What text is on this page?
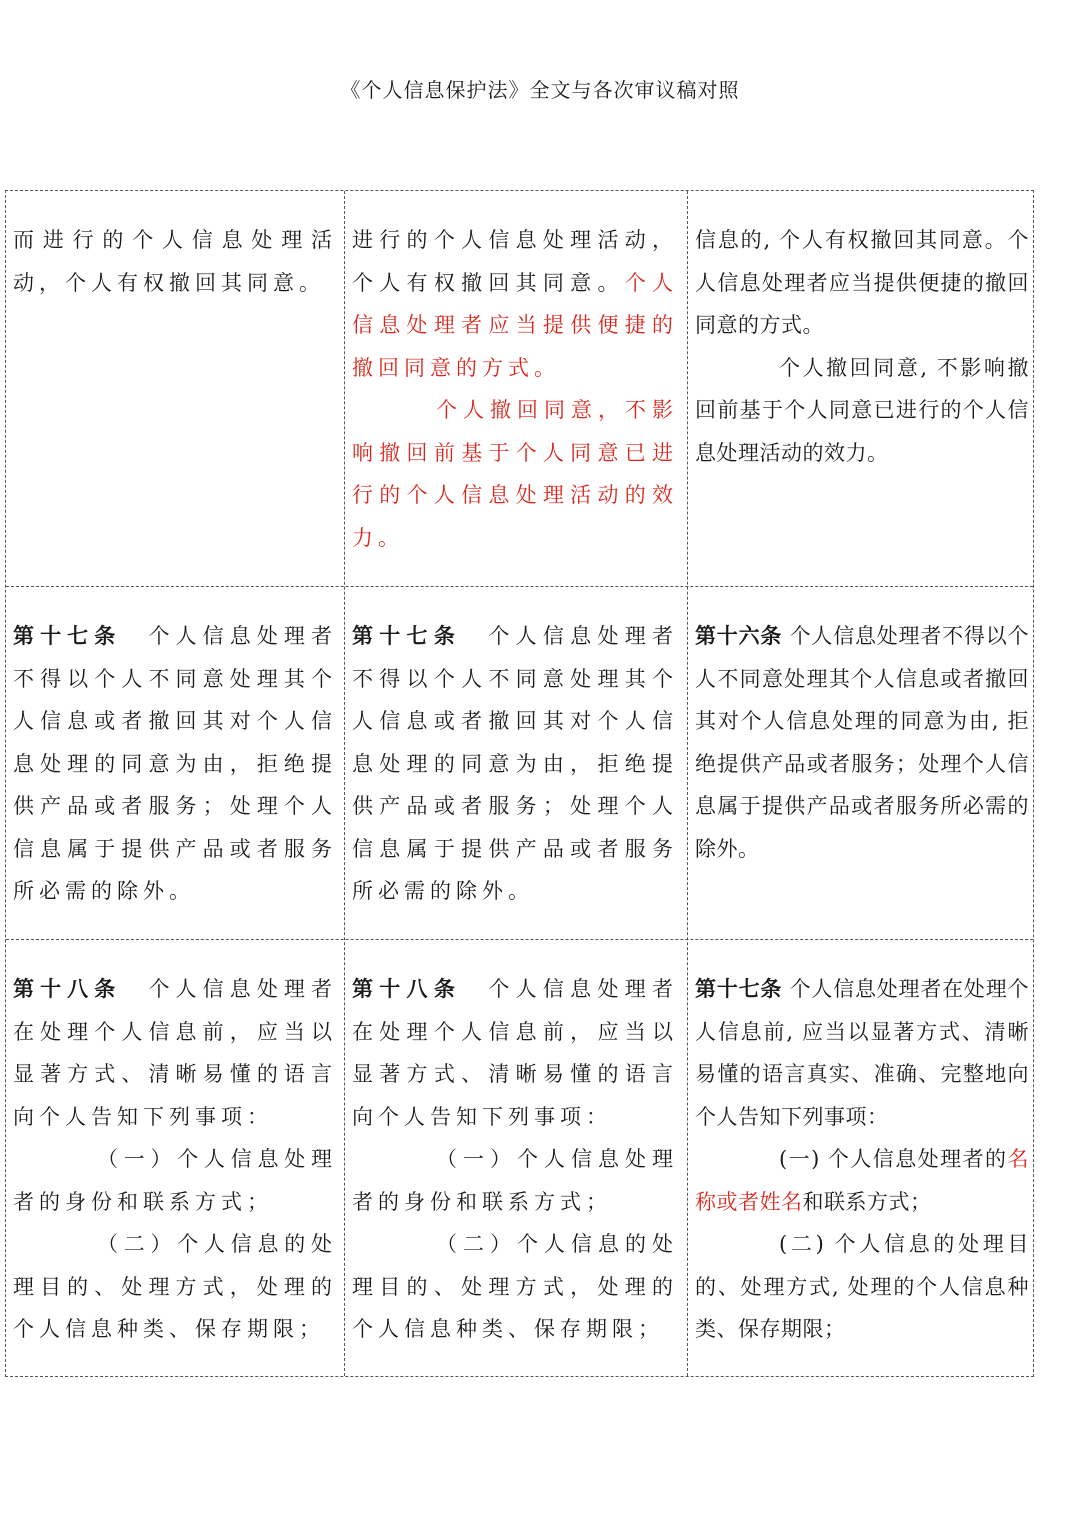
《个人信息保护法》全文与各次审议稿对照

而进行的个人信息处理活动，个人有权撤回其同意。

进行的个人信息处理活动，个人有权撤回其同意。个人信息处理者应当提供便捷的撤回同意的方式。

个人撤回同意，不影响撤回前基于个人同意已进行的个人信息处理活动的效力。

信息的, 个人有权撤回其同意。个人信息处理者应当提供便捷的撤回同意的方式。

个人撤回同意, 不影响撤回前基于个人同意已进行的个人信息处理活动的效力。

第十七条　个人信息处理者不得以个人不同意处理其个人信息或者撤回其对个人信息处理的同意为由，拒绝提供产品或者服务；处理个人信息属于提供产品或者服务所必需的除外。

第十七条　个人信息处理者不得以个人不同意处理其个人信息或者撤回其对个人信息处理的同意为由，拒绝提供产品或者服务；处理个人信息属于提供产品或者服务所必需的除外。

第十六条 个人信息处理者不得以个人不同意处理其个人信息或者撤回其对个人信息处理的同意为由, 拒绝提供产品或者服务；处理个人信息属于提供产品或者服务所必需的除外。

第十八条　个人信息处理者在处理个人信息前，应当以显著方式、清晰易懂的语言向个人告知下列事项：

（一）个人信息处理者的身份和联系方式；

（二）个人信息的处理目的、处理方式，处理的个人信息种类、保存期限；

第十八条　个人信息处理者在处理个人信息前，应当以显著方式、清晰易懂的语言向个人告知下列事项：

（一）个人信息处理者的身份和联系方式；

（二）个人信息的处理目的、处理方式，处理的个人信息种类、保存期限；

第十七条 个人信息处理者在处理个人信息前, 应当以显著方式、清晰易懂的语言真实、准确、完整地向个人告知下列事项：

(一) 个人信息处理者的名称或者姓名和联系方式；

(二) 个人信息的处理目的、处理方式, 处理的个人信息种类、保存期限；
